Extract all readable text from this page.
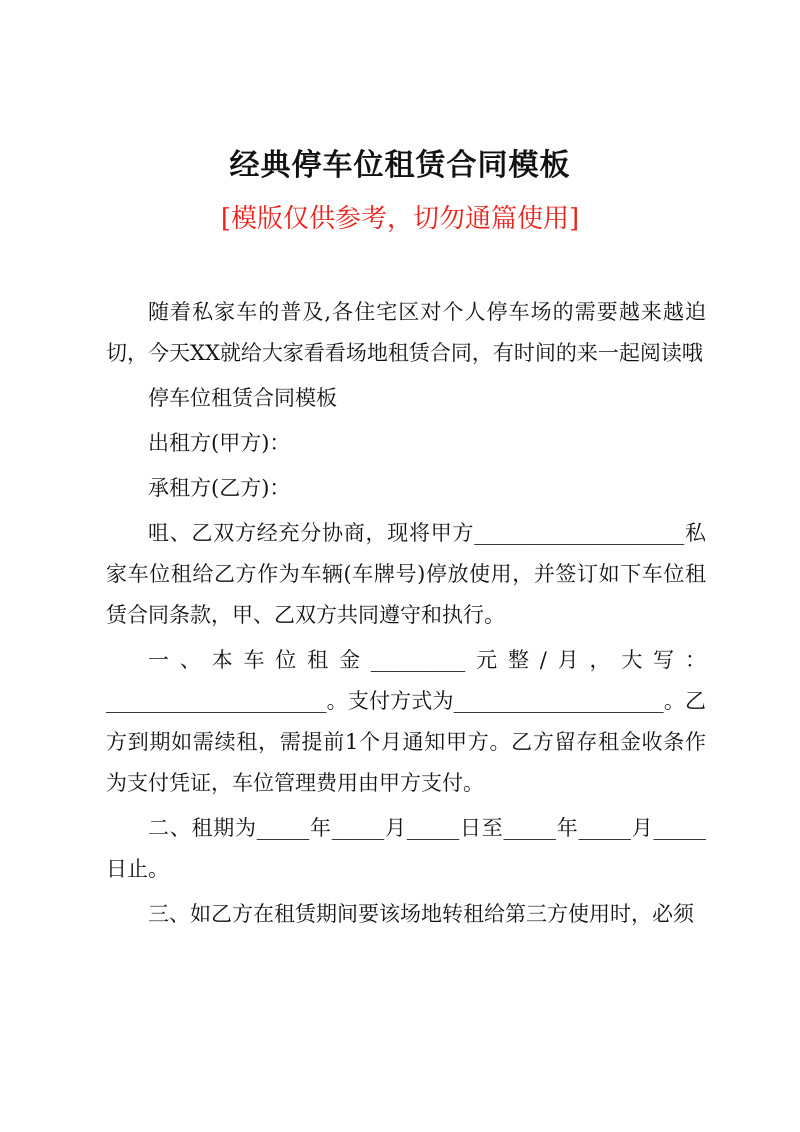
经典停车位租赁合同模板
[模版仅供参考，切勿通篇使用]

随着私家车的普及,各住宅区对个人停车场的需要越来越迫切，今天XX就给大家看看场地租赁合同，有时间的来一起阅读哦

停车位租赁合同模板

出租方(甲方)：

承租方(乙方)：

咀、乙双方经充分协商，现将甲方____________________私家车位租给乙方作为车辆(车牌号)停放使用，并签订如下车位租赁合同条款，甲、乙双方共同遵守和执行。

一、本车位租金_________元整/月，大写：_____________________。支付方式为____________________。乙方到期如需续租，需提前1个月通知甲方。乙方留存租金收条作为支付凭证，车位管理费用由甲方支付。

二、租期为_____年_____月_____日至_____年_____月_____日止。

三、如乙方在租赁期间要该场地转租给第三方使用时，必须
